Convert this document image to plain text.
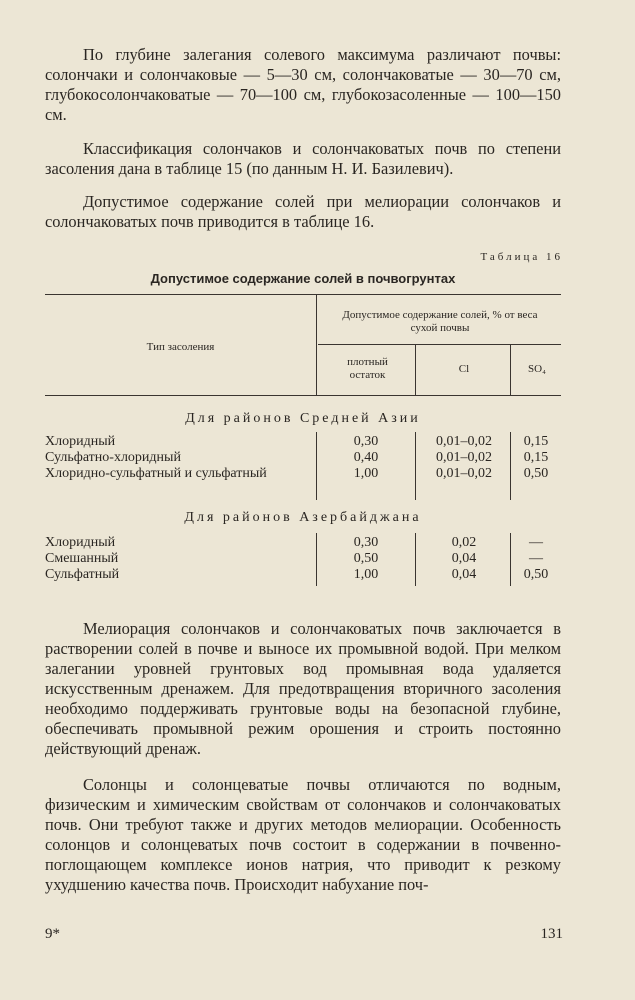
По глубине залегания солевого максимума различают почвы: солончаки и солончаковые — 5—30 см, солончаковатые — 30—70 см, глубокосолончаковатые — 70—100 см, глубокозасоленные — 100—150 см.

Классификация солончаков и солончаковатых почв по степени засоления дана в таблице 15 (по данным Н. И. Базилевич).

Допустимое содержание солей при мелиорации солончаков и солончаковатых почв приводится в таблице 16.

Таблица 16
Допустимое содержание солей в почвогрунтах
Тип засоления
Допустимое содержание солей, % от веса сухой почвы
плотный остаток	Cl	SO₄
Для районов Средней Азии
Хлоридный	0,30	0,01–0,02	0,15
Сульфатно-хлоридный	0,40	0,01–0,02	0,15
Хлоридно-сульфатный и сульфатный	1,00	0,01–0,02	0,50
Для районов Азербайджана
Хлоридный	0,30	0,02	—
Смешанный	0,50	0,04	—
Сульфатный	1,00	0,04	0,50

Мелиорация солончаков и солончаковатых почв заключается в растворении солей в почве и выносе их промывной водой. При мелком залегании уровней грунтовых вод промывная вода удаляется искусственным дренажем. Для предотвращения вторичного засоления необходимо поддерживать грунтовые воды на безопасной глубине, обеспечивать промывной режим орошения и строить постоянно действующий дренаж.

Солонцы и солонцеватые почвы отличаются по водным, физическим и химическим свойствам от солончаков и солончаковатых почв. Они требуют также и других методов мелиорации. Особенность солонцов и солонцеватых почв состоит в содержании в почвенно-поглощающем комплексе ионов натрия, что приводит к резкому ухудшению качества почв. Происходит набухание поч-

9*	131
